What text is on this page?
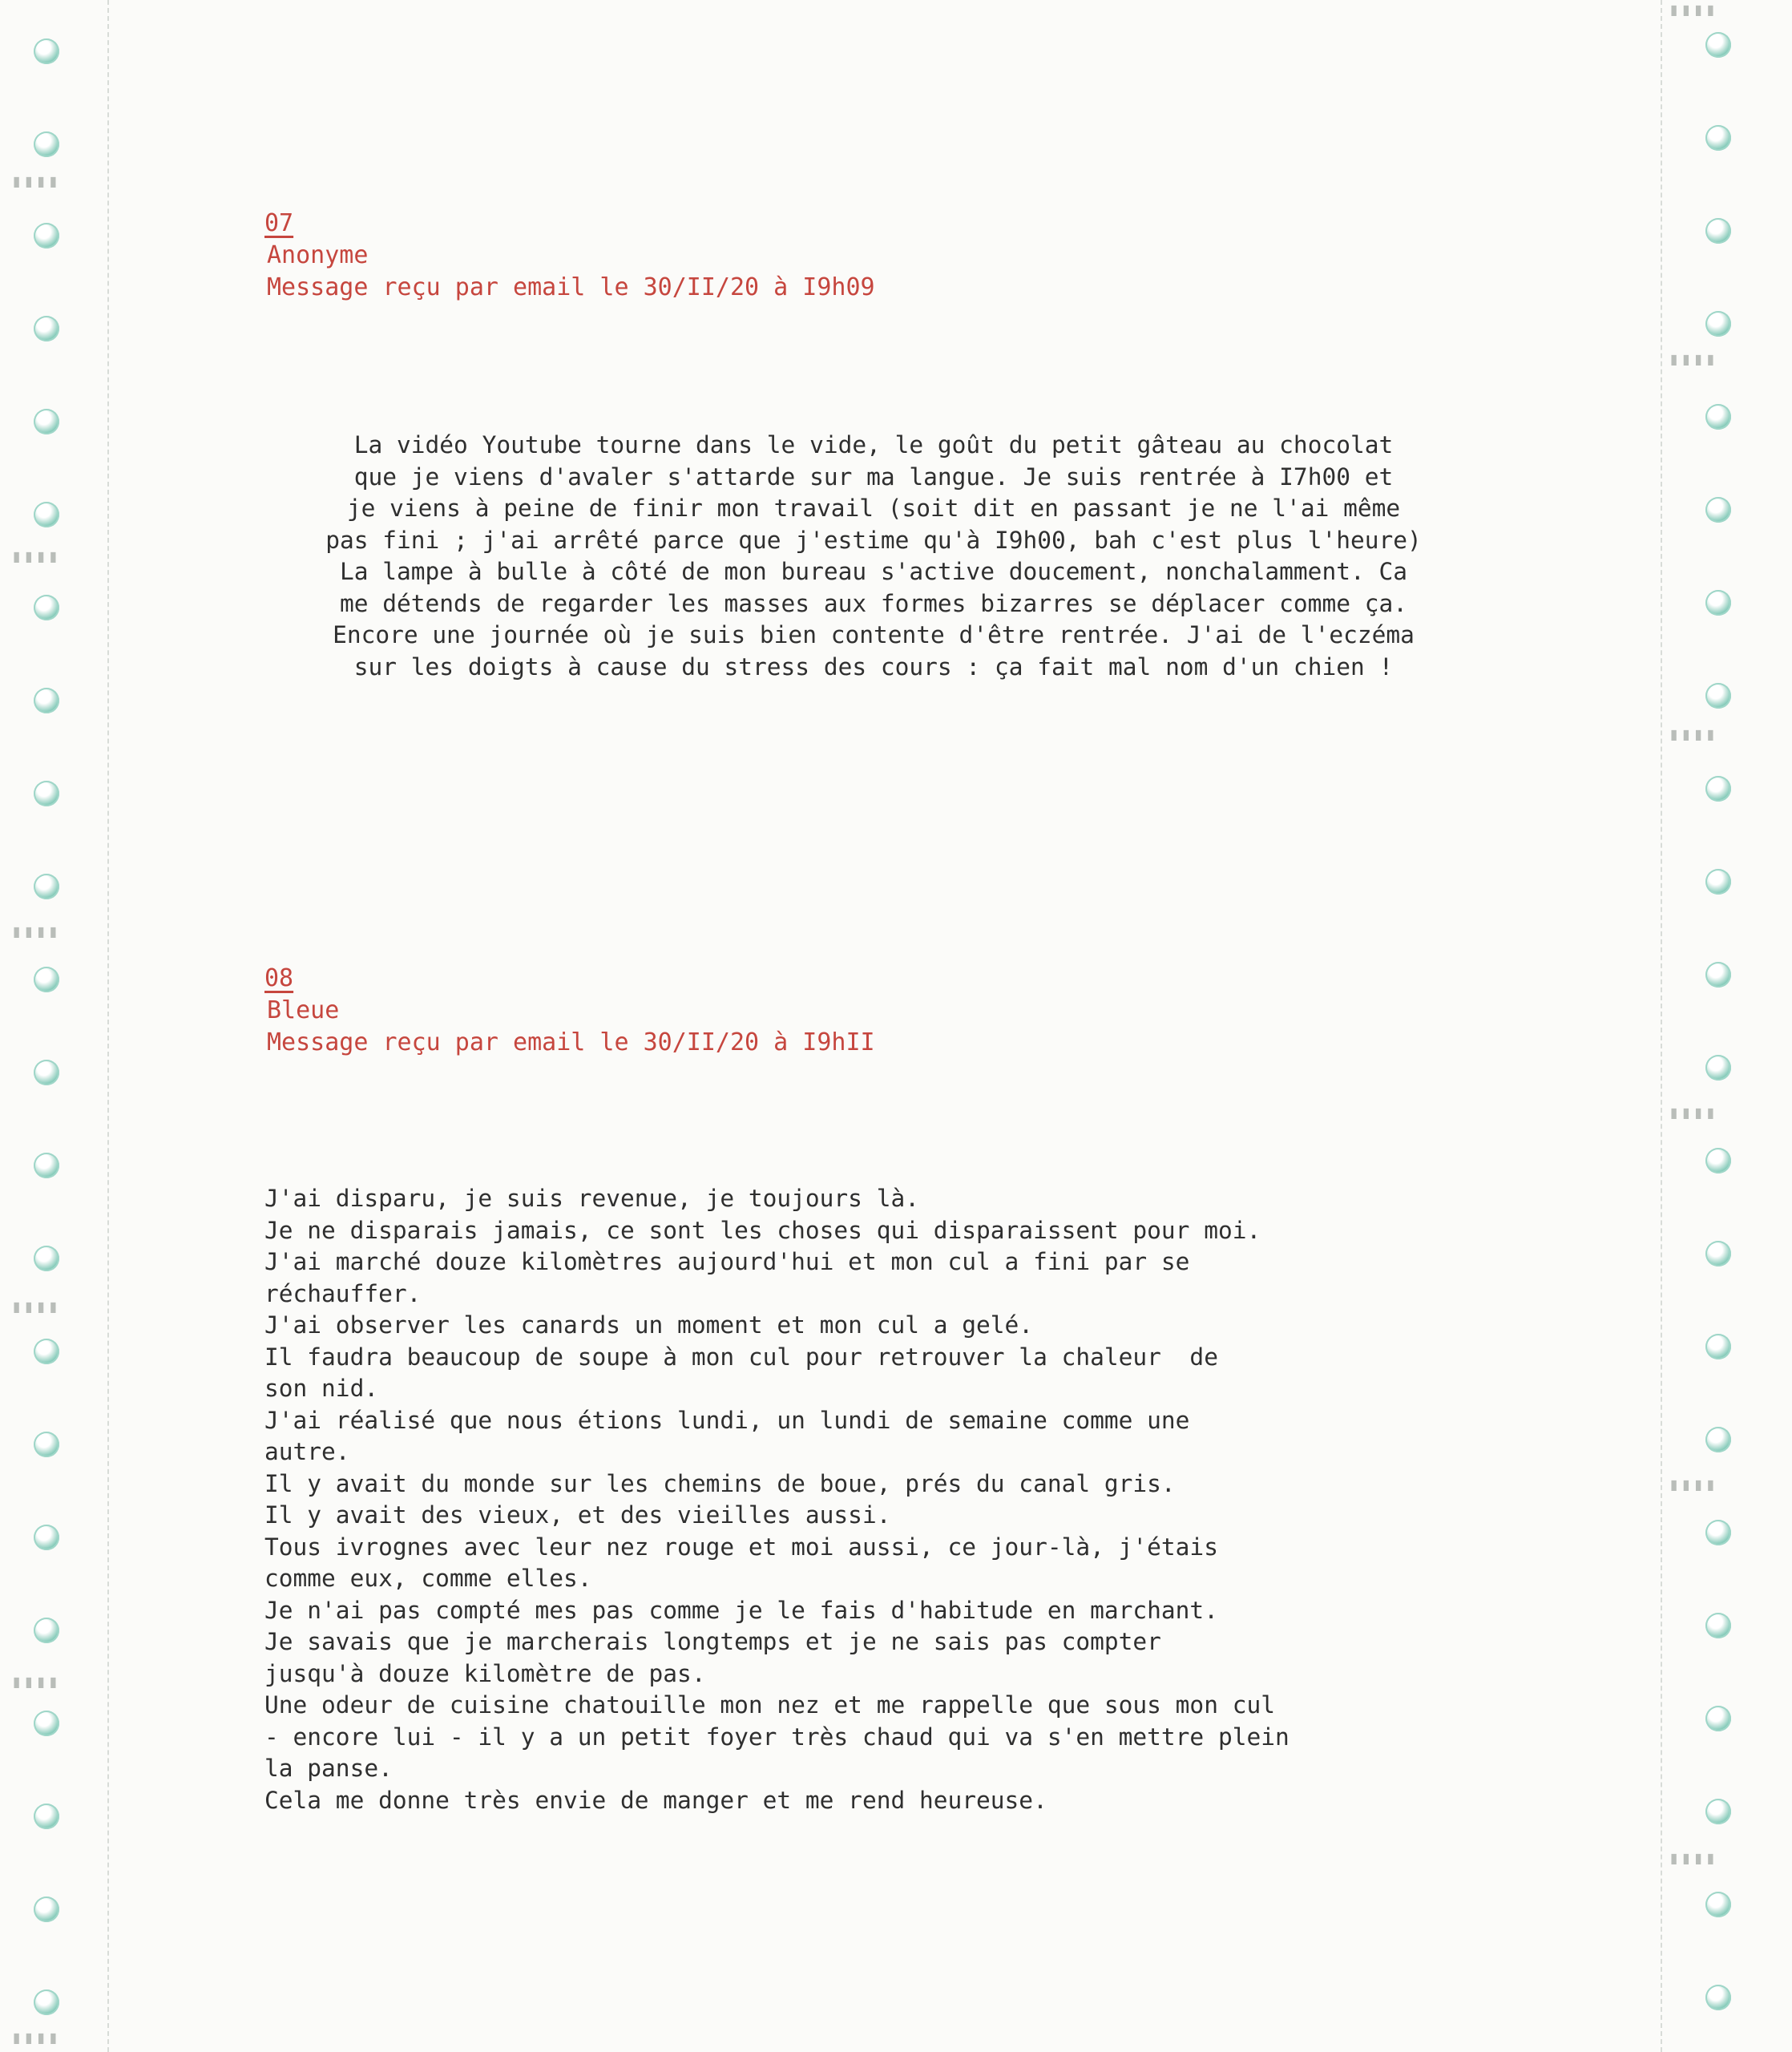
▮▮▮▮
▮▮▮▮
▮▮▮▮
▮▮▮▮
▮▮▮▮
▮▮▮▮
▮▮▮▮
▮▮▮▮
▮▮▮▮
▮▮▮▮
▮▮▮▮
▮▮▮▮
07
Anonyme
Message reçu par email le 30/II/20 à I9h09
La vidéo Youtube tourne dans le vide, le goût du petit gâteau au chocolat
que je viens d'avaler s'attarde sur ma langue. Je suis rentrée à I7h00 et
je viens à peine de finir mon travail (soit dit en passant je ne l'ai même
pas fini ; j'ai arrêté parce que j'estime qu'à I9h00, bah c'est plus l'heure)
La lampe à bulle à côté de mon bureau s'active doucement, nonchalamment. Ca
me détends de regarder les masses aux formes bizarres se déplacer comme ça.
Encore une journée où je suis bien contente d'être rentrée. J'ai de l'eczéma
sur les doigts à cause du stress des cours : ça fait mal nom d'un chien !
08
Bleue
Message reçu par email le 30/II/20 à I9hII
J'ai disparu, je suis revenue, je toujours là.
Je ne disparais jamais, ce sont les choses qui disparaissent pour moi.
J'ai marché douze kilomètres aujourd'hui et mon cul a fini par se
réchauffer.
J'ai observer les canards un moment et mon cul a gelé.
Il faudra beaucoup de soupe à mon cul pour retrouver la chaleur  de
son nid.
J'ai réalisé que nous étions lundi, un lundi de semaine comme une
autre.
Il y avait du monde sur les chemins de boue, prés du canal gris.
Il y avait des vieux, et des vieilles aussi.
Tous ivrognes avec leur nez rouge et moi aussi, ce jour-là, j'étais
comme eux, comme elles.
Je n'ai pas compté mes pas comme je le fais d'habitude en marchant.
Je savais que je marcherais longtemps et je ne sais pas compter
jusqu'à douze kilomètre de pas.
Une odeur de cuisine chatouille mon nez et me rappelle que sous mon cul
- encore lui - il y a un petit foyer très chaud qui va s'en mettre plein
la panse.
Cela me donne très envie de manger et me rend heureuse.
